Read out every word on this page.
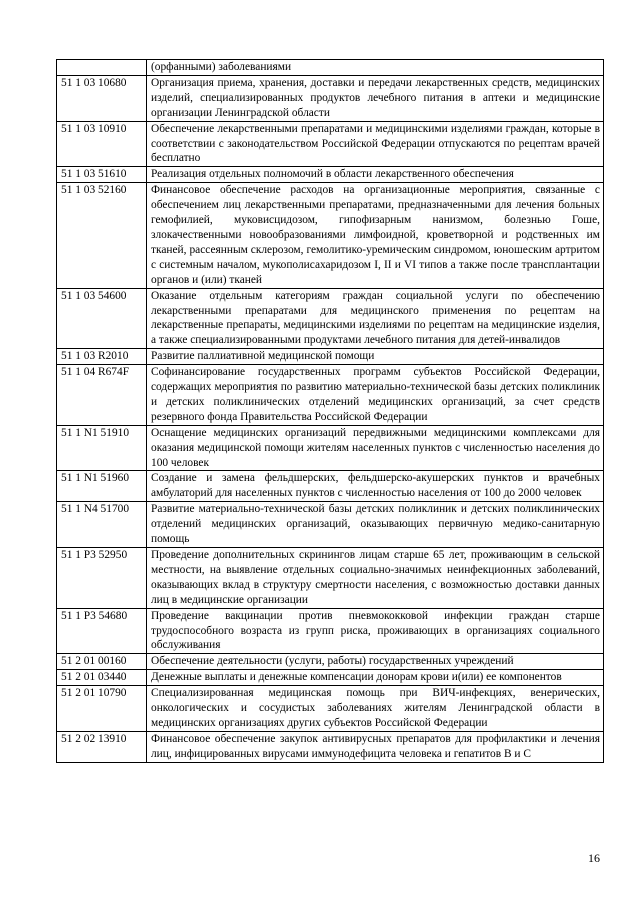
	(орфанными) заболеваниями
51 1 03 10680	Организация приема, хранения, доставки и передачи лекарственных средств, медицинских изделий, специализированных продуктов лечебного питания в аптеки и медицинские организации Ленинградской области
51 1 03 10910	Обеспечение лекарственными препаратами и медицинскими изделиями граждан, которые в соответствии с законодательством Российской Федерации отпускаются по рецептам врачей бесплатно
51 1 03 51610	Реализация отдельных полномочий в области лекарственного обеспечения
51 1 03 52160	Финансовое обеспечение расходов на организационные мероприятия, связанные с обеспечением лиц лекарственными препаратами, предназначенными для лечения больных гемофилией, муковисцидозом, гипофизарным нанизмом, болезнью Гоше, злокачественными новообразованиями лимфоидной, кроветворной и родственных им тканей, рассеянным склерозом, гемолитико-уремическим синдромом, юношеским артритом с системным началом, мукополисахаридозом I, II и VI типов а также после трансплантации органов и (или) тканей
51 1 03 54600	Оказание отдельным категориям граждан социальной услуги по обеспечению лекарственными препаратами для медицинского применения по рецептам на лекарственные препараты, медицинскими изделиями по рецептам на медицинские изделия, а также специализированными продуктами лечебного питания для детей-инвалидов
51 1 03 R2010	Развитие паллиативной медицинской помощи
51 1 04 R674F	Софинансирование государственных программ субъектов Российской Федерации, содержащих мероприятия по развитию материально-технической базы детских поликлиник и детских поликлинических отделений медицинских организаций, за счет средств резервного фонда Правительства Российской Федерации
51 1 N1 51910	Оснащение медицинских организаций передвижными медицинскими комплексами для оказания медицинской помощи жителям населенных пунктов с численностью населения до 100 человек
51 1 N1 51960	Создание и замена фельдшерских, фельдшерско-акушерских пунктов и врачебных амбулаторий для населенных пунктов с численностью населения от 100 до 2000 человек
51 1 N4 51700	Развитие материально-технической базы детских поликлиник и детских поликлинических отделений медицинских организаций, оказывающих первичную медико-санитарную помощь
51 1 P3 52950	Проведение дополнительных скринингов лицам старше 65 лет, проживающим в сельской местности, на выявление отдельных социально-значимых неинфекционных заболеваний, оказывающих вклад в структуру смертности населения, с возможностью доставки данных лиц в медицинские организации
51 1 P3 54680	Проведение вакцинации против пневмококковой инфекции граждан старше трудоспособного возраста из групп риска, проживающих в организациях социального обслуживания
51 2 01 00160	Обеспечение деятельности (услуги, работы) государственных учреждений
51 2 01 03440	Денежные выплаты и денежные компенсации донорам крови и(или) ее компонентов
51 2 01 10790	Специализированная медицинская помощь при ВИЧ-инфекциях, венерических, онкологических и сосудистых заболеваниях жителям Ленинградской области в медицинских организациях других субъектов Российской Федерации
51 2 02 13910	Финансовое обеспечение закупок антивирусных препаратов для профилактики и лечения лиц, инфицированных вирусами иммунодефицита человека и гепатитов В и С
16
